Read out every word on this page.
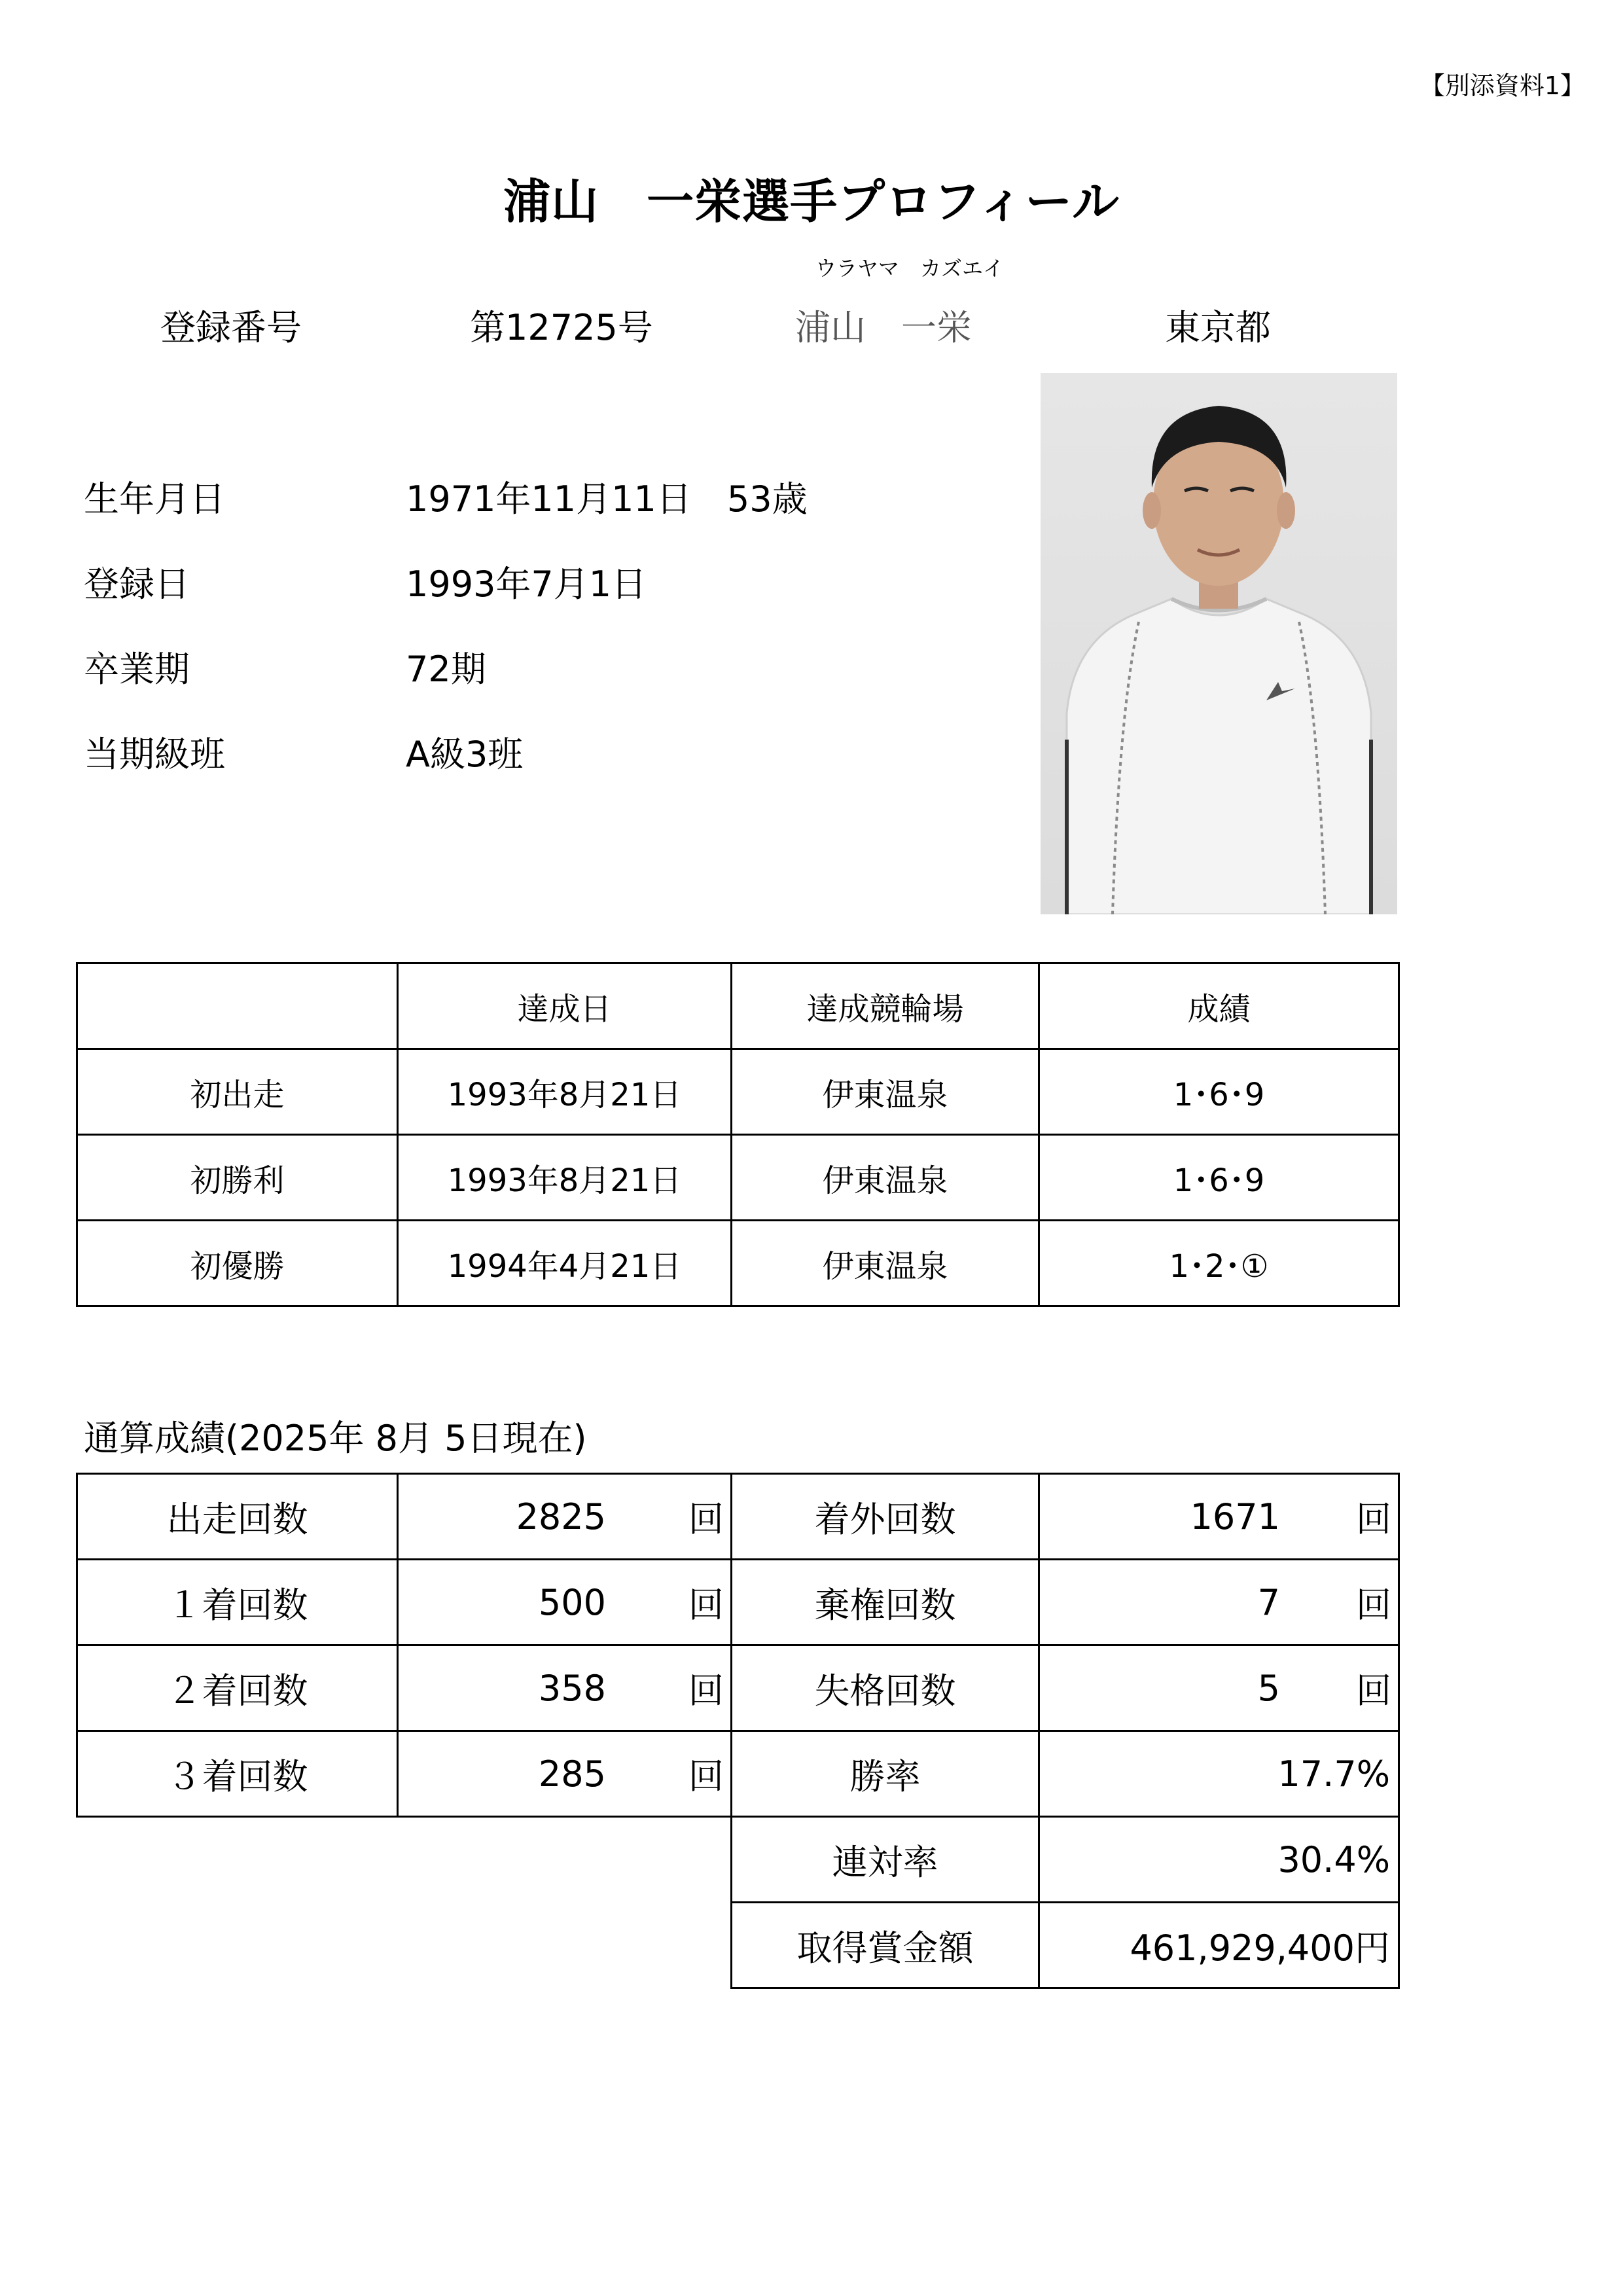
【別添資料1】
浦山　一栄選手プロフィール
ウラヤマ　カズエイ
登録番号	第12725号	浦山　一栄	東京都
生年月日	1971年11月11日　53歳
登録日	1993年7月1日
卒業期	72期
当期級班	A級3班
	達成日	達成競輪場	成績
初出走	1993年8月21日	伊東温泉	1･6･9
初勝利	1993年8月21日	伊東温泉	1･6･9
初優勝	1994年4月21日	伊東温泉	1･2･①
通算成績(2025年 8月 5日現在)
出走回数	2825 回	着外回数	1671 回

１着回数	500 回	棄権回数	7 回

２着回数	358 回	失格回数	5 回

３着回数	285 回	勝率	17.7%
		連対率	30.4%
		取得賞金額	461,929,400円
